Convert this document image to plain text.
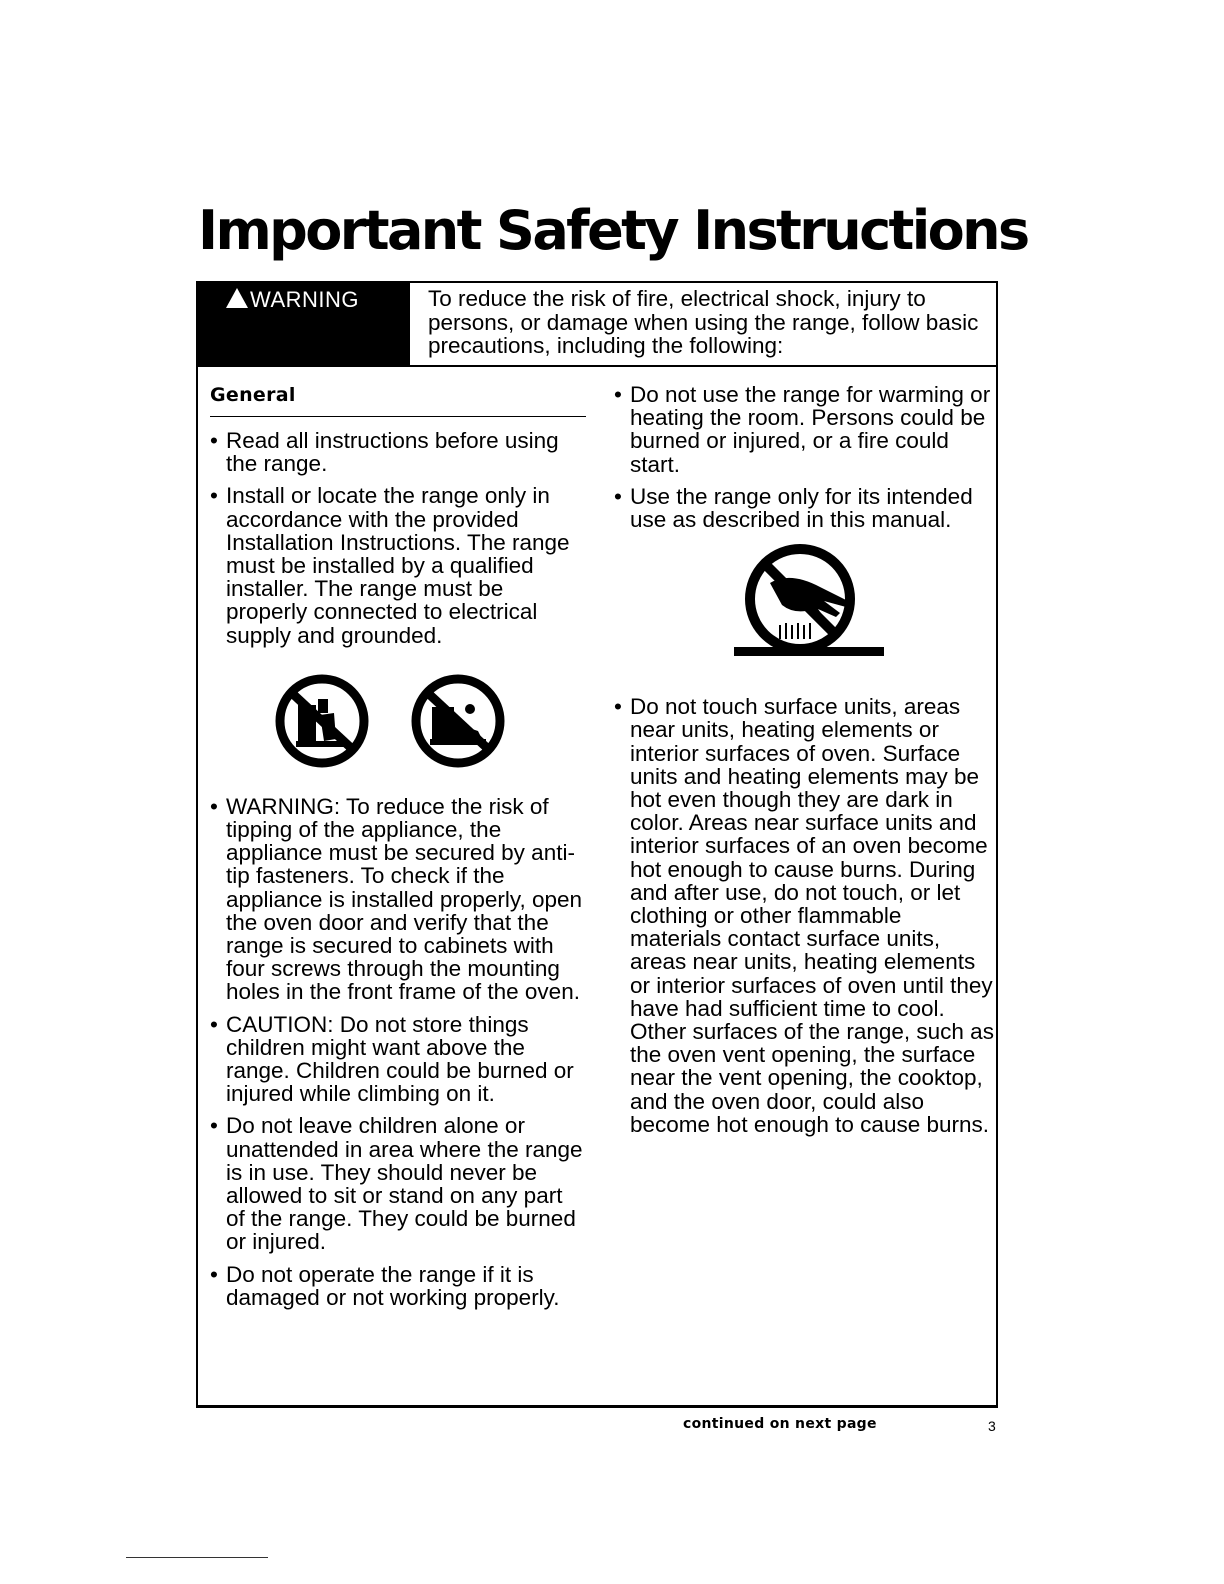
Important Safety Instructions
WARNING	To reduce the risk of fire, electrical shock, injury to persons, or damage when using the range, follow basic precautions, including the following:
General
• Read all instructions before using the range.
• Install or locate the range only in accordance with the provided Installation Instructions. The range must be installed by a qualified installer. The range must be properly connected to electrical supply and grounded.
• WARNING: To reduce the risk of tipping of the appliance, the appliance must be secured by anti-tip fasteners. To check if the appliance is installed properly, open the oven door and verify that the range is secured to cabinets with four screws through the mounting holes in the front frame of the oven.
• CAUTION: Do not store things children might want above the range. Children could be burned or injured while climbing on it.
• Do not leave children alone or unattended in area where the range is in use. They should never be allowed to sit or stand on any part of the range. They could be burned or injured.
• Do not operate the range if it is damaged or not working properly.
• Do not use the range for warming or heating the room. Persons could be burned or injured, or a fire could start.
• Use the range only for its intended use as described in this manual.
• Do not touch surface units, areas near units, heating elements or interior surfaces of oven. Surface units and heating elements may be hot even though they are dark in color. Areas near surface units and interior surfaces of an oven become hot enough to cause burns. During and after use, do not touch, or let clothing or other flammable materials contact surface units, areas near units, heating elements or interior surfaces of oven until they have had sufficient time to cool. Other surfaces of the range, such as the oven vent opening, the surface near the vent opening, the cooktop, and the oven door, could also become hot enough to cause burns.
continued on next page	3
